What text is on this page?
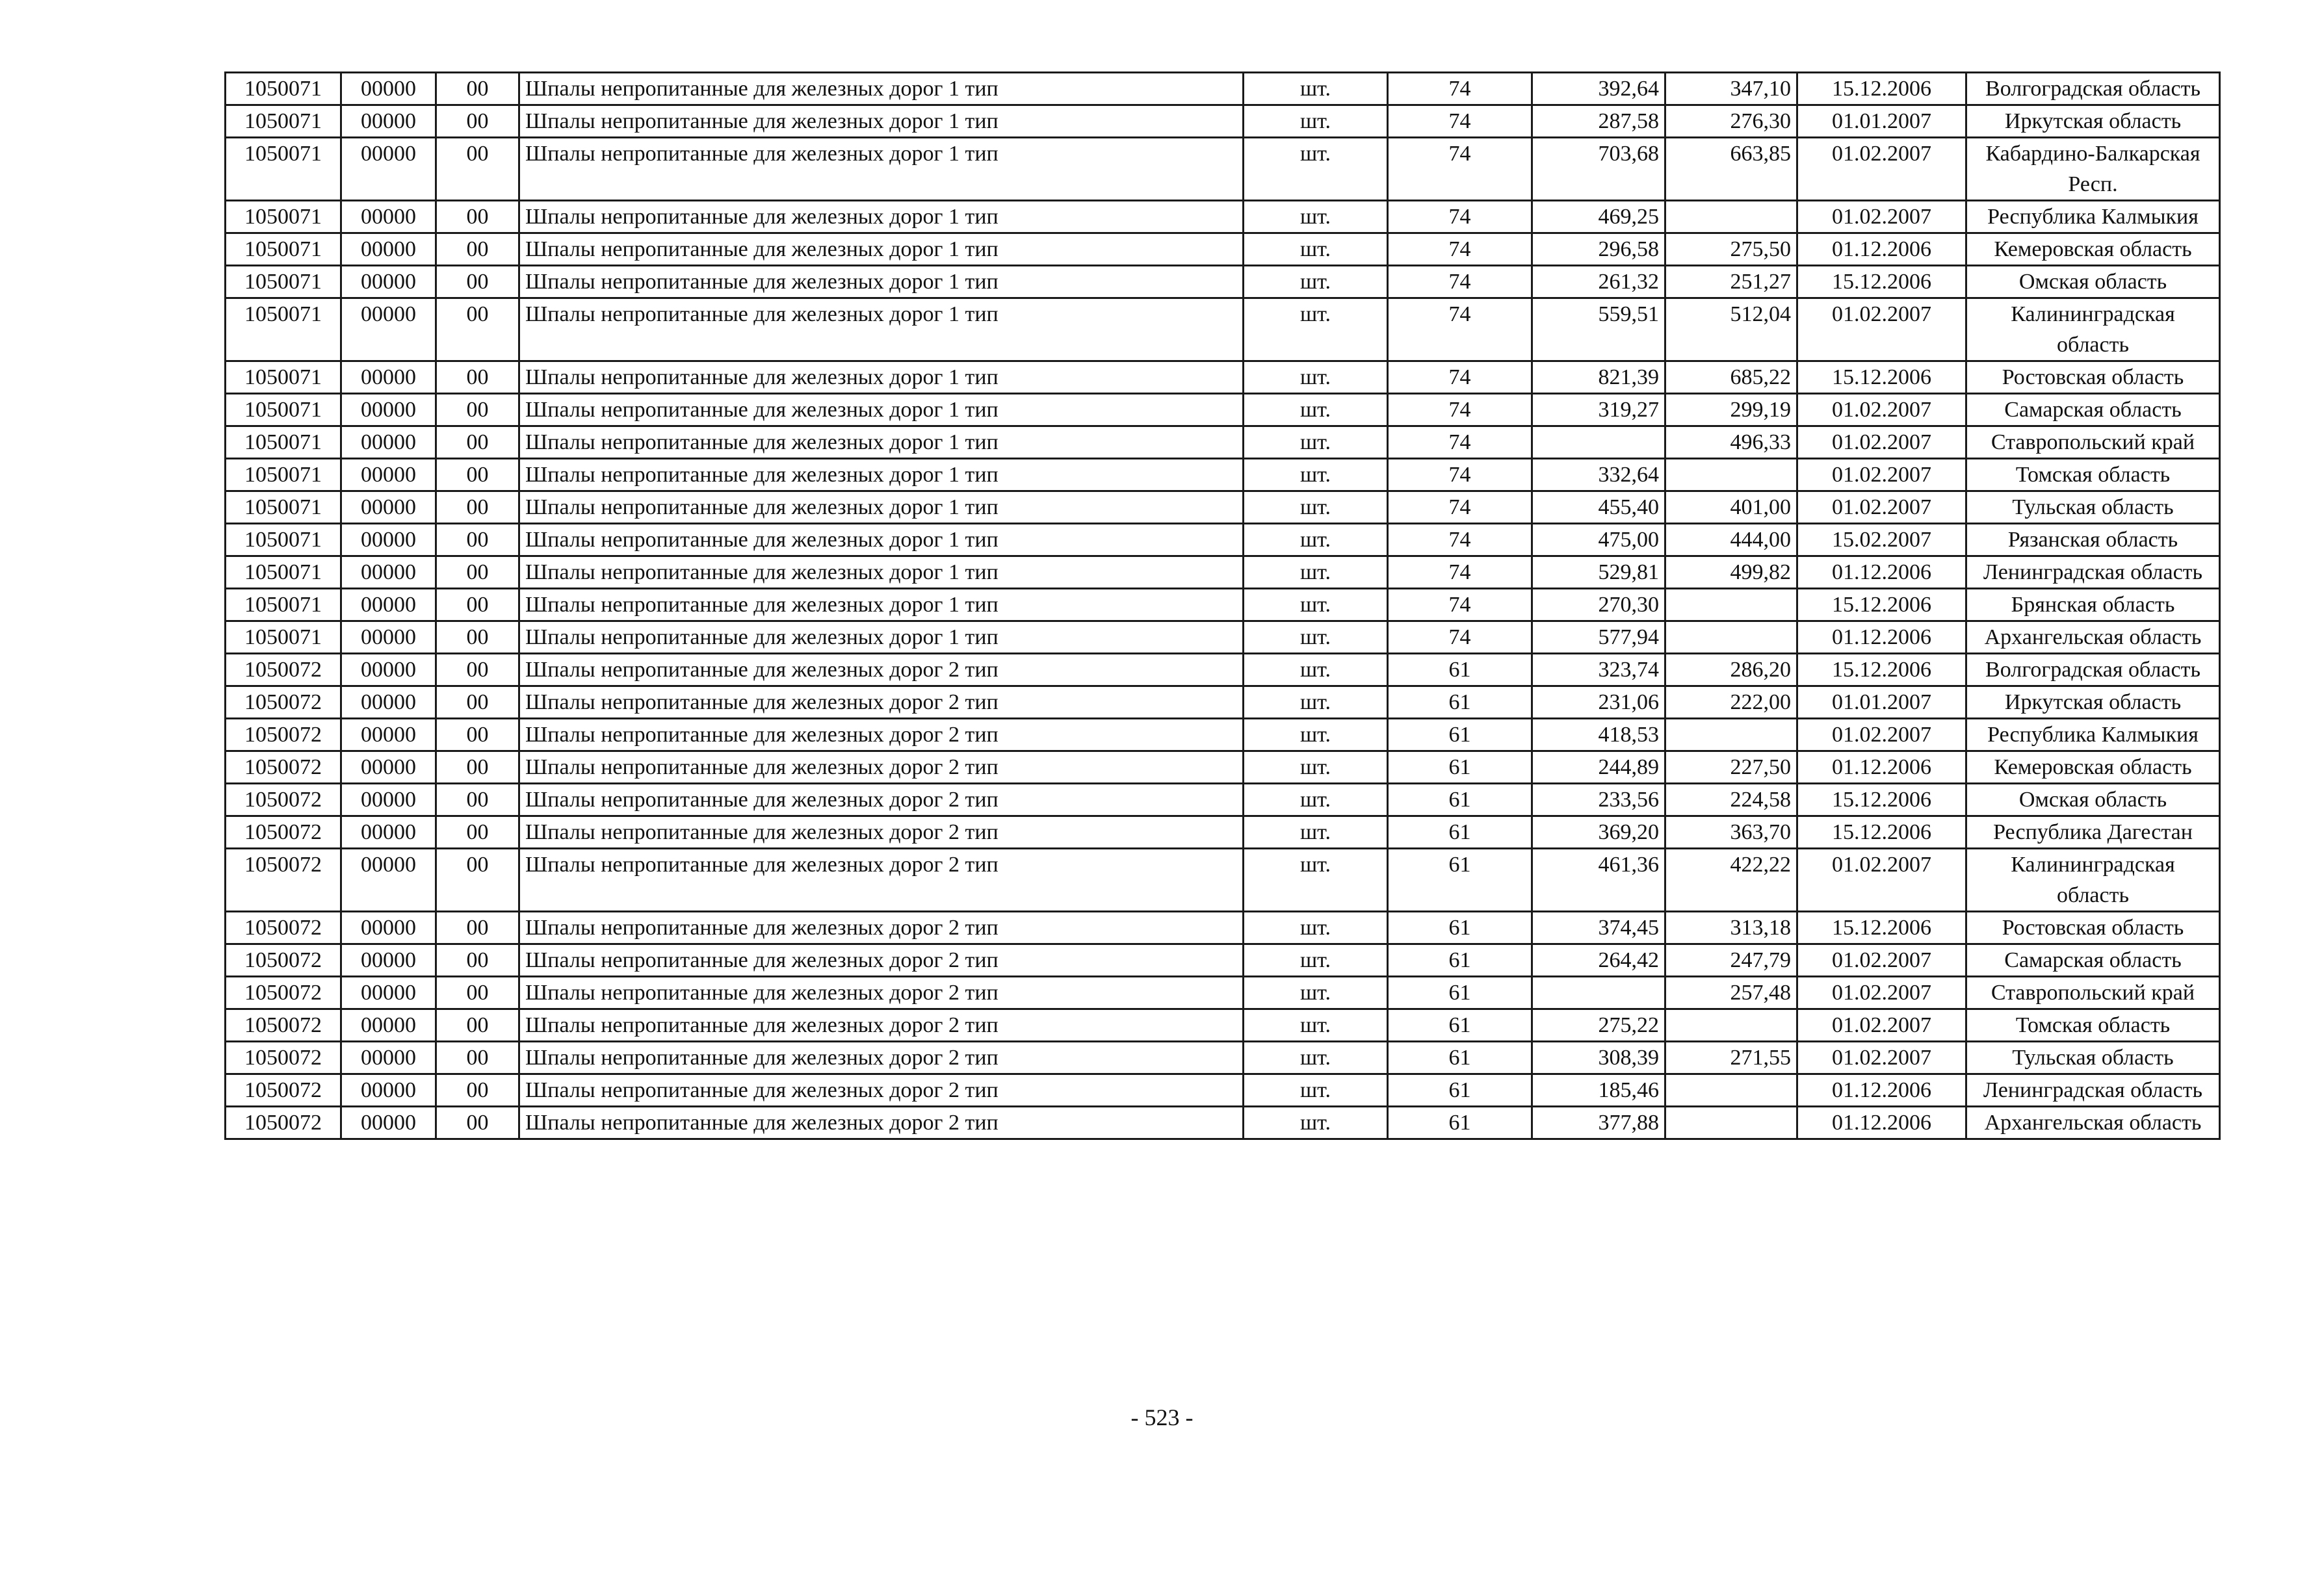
1050071	00000	00	Шпалы непропитанные для железных дорог 1 тип	шт.	74	392,64	347,10	15.12.2006	Волгоградская область
1050071	00000	00	Шпалы непропитанные для железных дорог 1 тип	шт.	74	287,58	276,30	01.01.2007	Иркутская область
1050071	00000	00	Шпалы непропитанные для железных дорог 1 тип	шт.	74	703,68	663,85	01.02.2007	Кабардино-Балкарская Респ.
1050071	00000	00	Шпалы непропитанные для железных дорог 1 тип	шт.	74	469,25		01.02.2007	Республика Калмыкия
1050071	00000	00	Шпалы непропитанные для железных дорог 1 тип	шт.	74	296,58	275,50	01.12.2006	Кемеровская область
1050071	00000	00	Шпалы непропитанные для железных дорог 1 тип	шт.	74	261,32	251,27	15.12.2006	Омская область
1050071	00000	00	Шпалы непропитанные для железных дорог 1 тип	шт.	74	559,51	512,04	01.02.2007	Калининградская область
1050071	00000	00	Шпалы непропитанные для железных дорог 1 тип	шт.	74	821,39	685,22	15.12.2006	Ростовская область
1050071	00000	00	Шпалы непропитанные для железных дорог 1 тип	шт.	74	319,27	299,19	01.02.2007	Самарская область
1050071	00000	00	Шпалы непропитанные для железных дорог 1 тип	шт.	74		496,33	01.02.2007	Ставропольский край
1050071	00000	00	Шпалы непропитанные для железных дорог 1 тип	шт.	74	332,64		01.02.2007	Томская область
1050071	00000	00	Шпалы непропитанные для железных дорог 1 тип	шт.	74	455,40	401,00	01.02.2007	Тульская область
1050071	00000	00	Шпалы непропитанные для железных дорог 1 тип	шт.	74	475,00	444,00	15.02.2007	Рязанская область
1050071	00000	00	Шпалы непропитанные для железных дорог 1 тип	шт.	74	529,81	499,82	01.12.2006	Ленинградская область
1050071	00000	00	Шпалы непропитанные для железных дорог 1 тип	шт.	74	270,30		15.12.2006	Брянская область
1050071	00000	00	Шпалы непропитанные для железных дорог 1 тип	шт.	74	577,94		01.12.2006	Архангельская область
1050072	00000	00	Шпалы непропитанные для железных дорог 2 тип	шт.	61	323,74	286,20	15.12.2006	Волгоградская область
1050072	00000	00	Шпалы непропитанные для железных дорог 2 тип	шт.	61	231,06	222,00	01.01.2007	Иркутская область
1050072	00000	00	Шпалы непропитанные для железных дорог 2 тип	шт.	61	418,53		01.02.2007	Республика Калмыкия
1050072	00000	00	Шпалы непропитанные для железных дорог 2 тип	шт.	61	244,89	227,50	01.12.2006	Кемеровская область
1050072	00000	00	Шпалы непропитанные для железных дорог 2 тип	шт.	61	233,56	224,58	15.12.2006	Омская область
1050072	00000	00	Шпалы непропитанные для железных дорог 2 тип	шт.	61	369,20	363,70	15.12.2006	Республика Дагестан
1050072	00000	00	Шпалы непропитанные для железных дорог 2 тип	шт.	61	461,36	422,22	01.02.2007	Калининградская область
1050072	00000	00	Шпалы непропитанные для железных дорог 2 тип	шт.	61	374,45	313,18	15.12.2006	Ростовская область
1050072	00000	00	Шпалы непропитанные для железных дорог 2 тип	шт.	61	264,42	247,79	01.02.2007	Самарская область
1050072	00000	00	Шпалы непропитанные для железных дорог 2 тип	шт.	61		257,48	01.02.2007	Ставропольский край
1050072	00000	00	Шпалы непропитанные для железных дорог 2 тип	шт.	61	275,22		01.02.2007	Томская область
1050072	00000	00	Шпалы непропитанные для железных дорог 2 тип	шт.	61	308,39	271,55	01.02.2007	Тульская область
1050072	00000	00	Шпалы непропитанные для железных дорог 2 тип	шт.	61	185,46		01.12.2006	Ленинградская область
1050072	00000	00	Шпалы непропитанные для железных дорог 2 тип	шт.	61	377,88		01.12.2006	Архангельская область
- 523 -
